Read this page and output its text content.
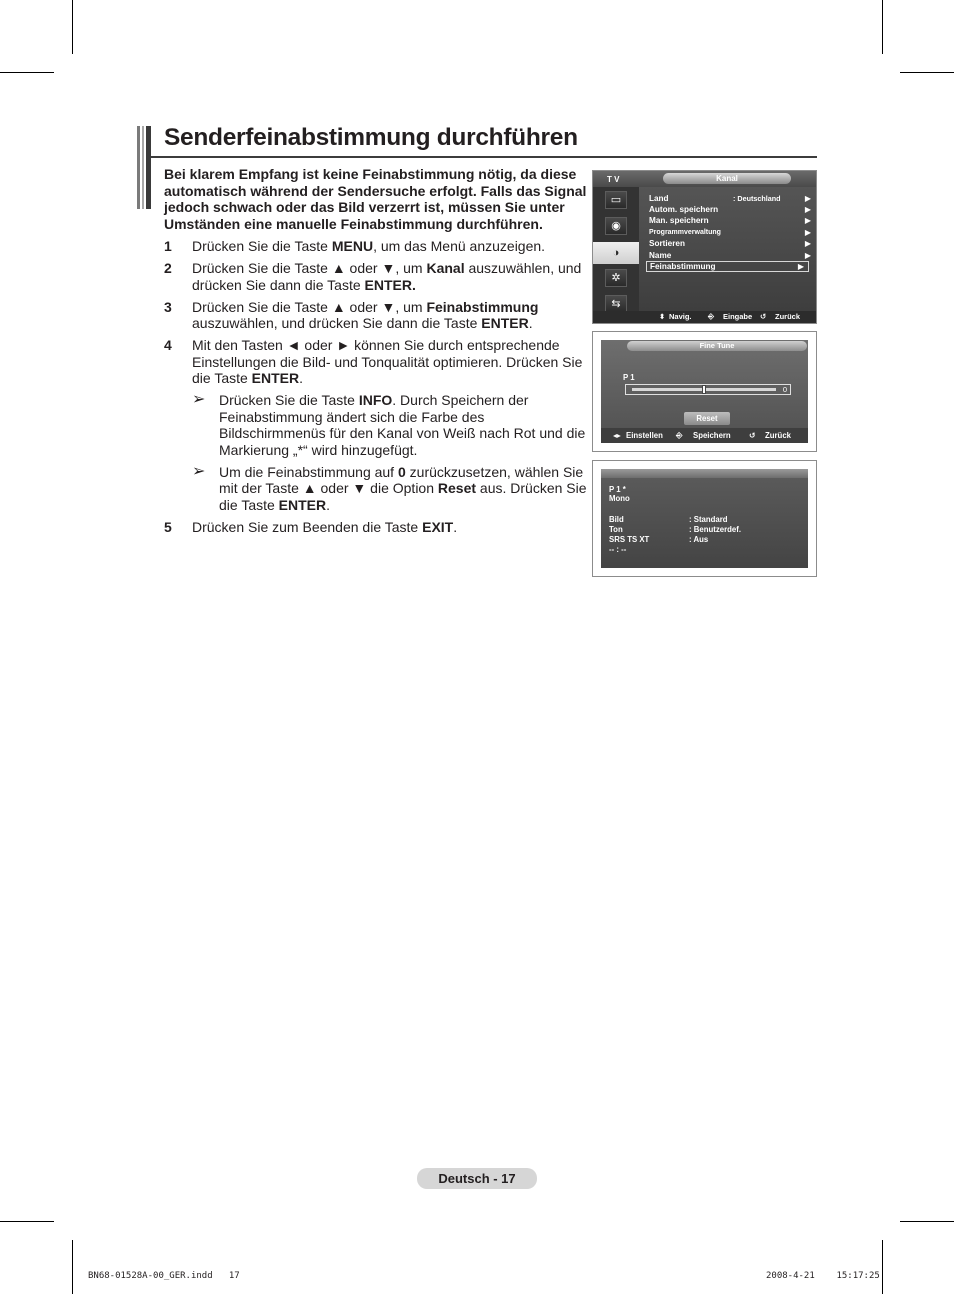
Senderfeinabstimmung durchführen

Bei klarem Empfang ist keine Feinabstimmung nötig, da diese automatisch während der Sendersuche erfolgt. Falls das Signal jedoch schwach oder das Bild verzerrt ist, müssen Sie unter Umständen eine manuelle Feinabstimmung durchführen.

1 Drücken Sie die Taste MENU, um das Menü anzuzeigen.

2 Drücken Sie die Taste ▲ oder ▼, um Kanal auszuwählen, und drücken Sie dann die Taste ENTER.

3 Drücken Sie die Taste ▲ oder ▼, um Feinabstimmung auszuwählen, und drücken Sie dann die Taste ENTER.

4 Mit den Tasten ◄ oder ► können Sie durch entsprechende Einstellungen die Bild- und Tonqualität optimieren. Drücken Sie die Taste ENTER.

➢ Drücken Sie die Taste INFO. Durch Speichern der Feinabstimmung ändert sich die Farbe des Bildschirmmenüs für den Kanal von Weiß nach Rot und die Markierung „*“ wird hinzugefügt.

➢ Um die Feinabstimmung auf 0 zurückzusetzen, wählen Sie mit der Taste ▲ oder ▼ die Option Reset aus. Drücken Sie die Taste ENTER.

5 Drücken Sie zum Beenden die Taste EXIT.

T V	Kanal
▭
◉
◑
✲
⇆
Land	: Deutschland	▶
Autom. speichern	▶
Man. speichern	▶
Programmverwaltung	▶
Sortieren	▶
Name	▶
Feinabstimmung	▶
⬍ Navig. ⎆ Eingabe ↺ Zurück
Fine Tune
P 1
0
Reset
◂▸ Einstellen ⎆ Speichern ↺ Zurück
P 1 *
Mono
Bild	: Standard
Ton	: Benutzerdef.
SRS TS XT	: Aus
-- : --
Deutsch - 17
BN68-01528A-00_GER.indd   17	2008-4-21    15:17:25
